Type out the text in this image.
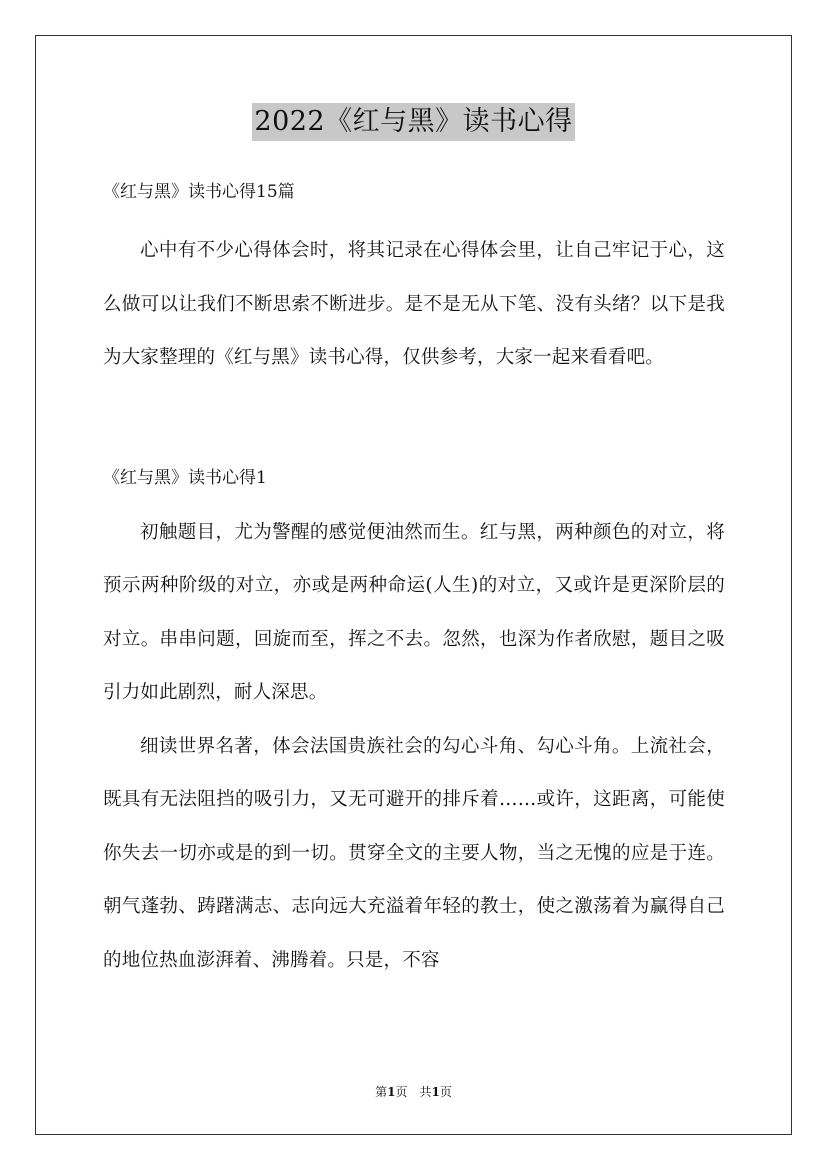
2022《红与黑》读书心得

《红与黑》读书心得15篇

心中有不少心得体会时，将其记录在心得体会里，让自己牢记于心，这么做可以让我们不断思索不断进步。是不是无从下笔、没有头绪？以下是我为大家整理的《红与黑》读书心得，仅供参考，大家一起来看看吧。

《红与黑》读书心得1

初触题目，尤为警醒的感觉便油然而生。红与黑，两种颜色的对立，将预示两种阶级的对立，亦或是两种命运(人生)的对立，又或许是更深阶层的对立。串串问题，回旋而至，挥之不去。忽然，也深为作者欣慰，题目之吸引力如此剧烈，耐人深思。

细读世界名著，体会法国贵族社会的勾心斗角、勾心斗角。上流社会，既具有无法阻挡的吸引力，又无可避开的排斥着……或许，这距离，可能使你失去一切亦或是的到一切。贯穿全文的主要人物，当之无愧的应是于连。朝气蓬勃、踌躇满志、志向远大充溢着年轻的教士，使之激荡着为赢得自己的地位热血澎湃着、沸腾着。只是，不容

第1页　共1页
